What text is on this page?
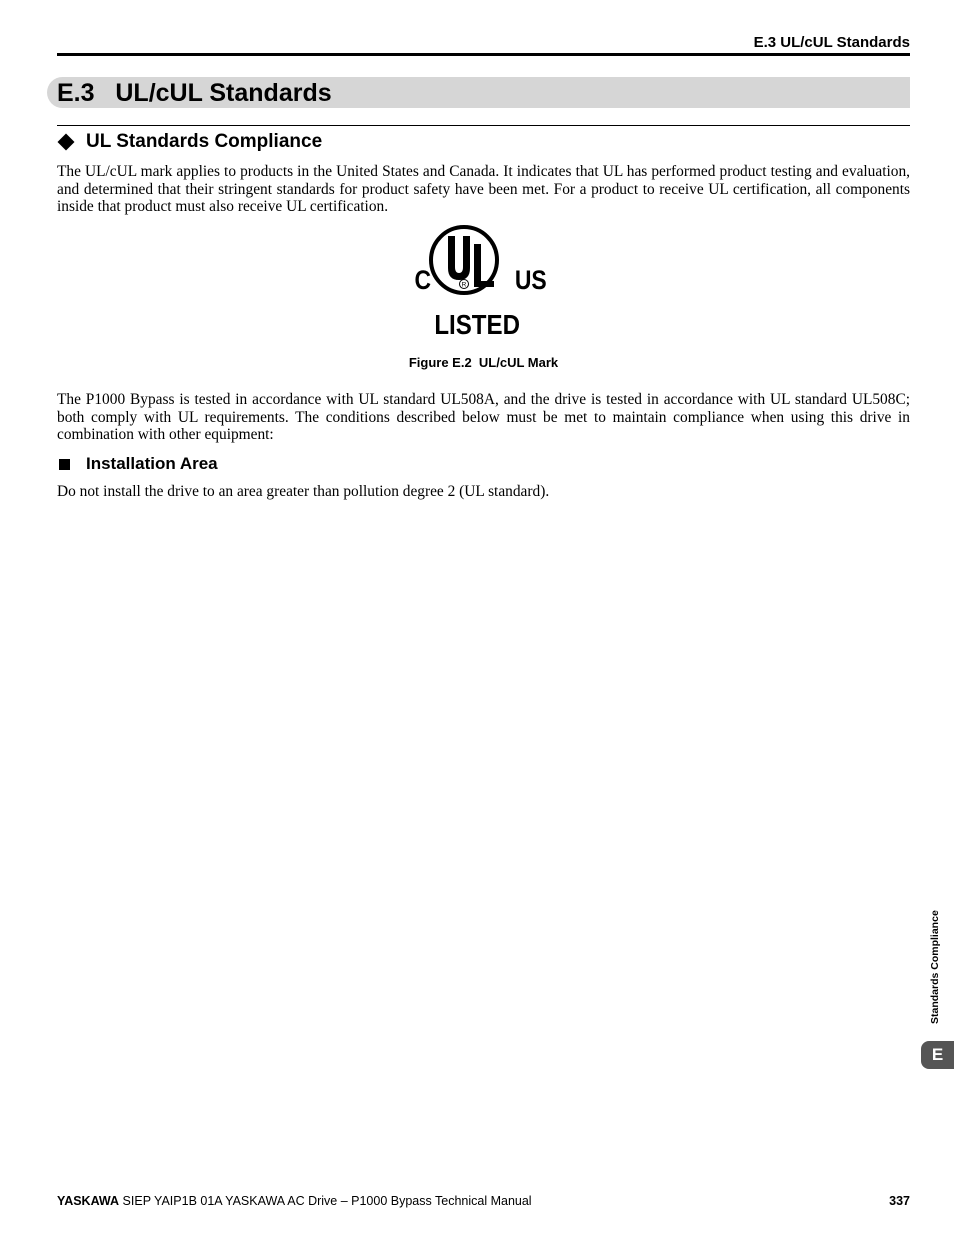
E.3 UL/cUL Standards
E.3 UL/cUL Standards
UL Standards Compliance
The UL/cUL mark applies to products in the United States and Canada. It indicates that UL has performed product testing and evaluation, and determined that their stringent standards for product safety have been met. For a product to receive UL certification, all components inside that product must also receive UL certification.
R
C	US
LISTED
Figure E.2 UL/cUL Mark
The P1000 Bypass is tested in accordance with UL standard UL508A, and the drive is tested in accordance with UL standard UL508C; both comply with UL requirements. The conditions described below must be met to maintain compliance when using this drive in combination with other equipment:
Installation Area
Do not install the drive to an area greater than pollution degree 2 (UL standard).
Standards Compliance
E
YASKAWA SIEP YAIP1B 01A YASKAWA AC Drive – P1000 Bypass Technical Manual	337
